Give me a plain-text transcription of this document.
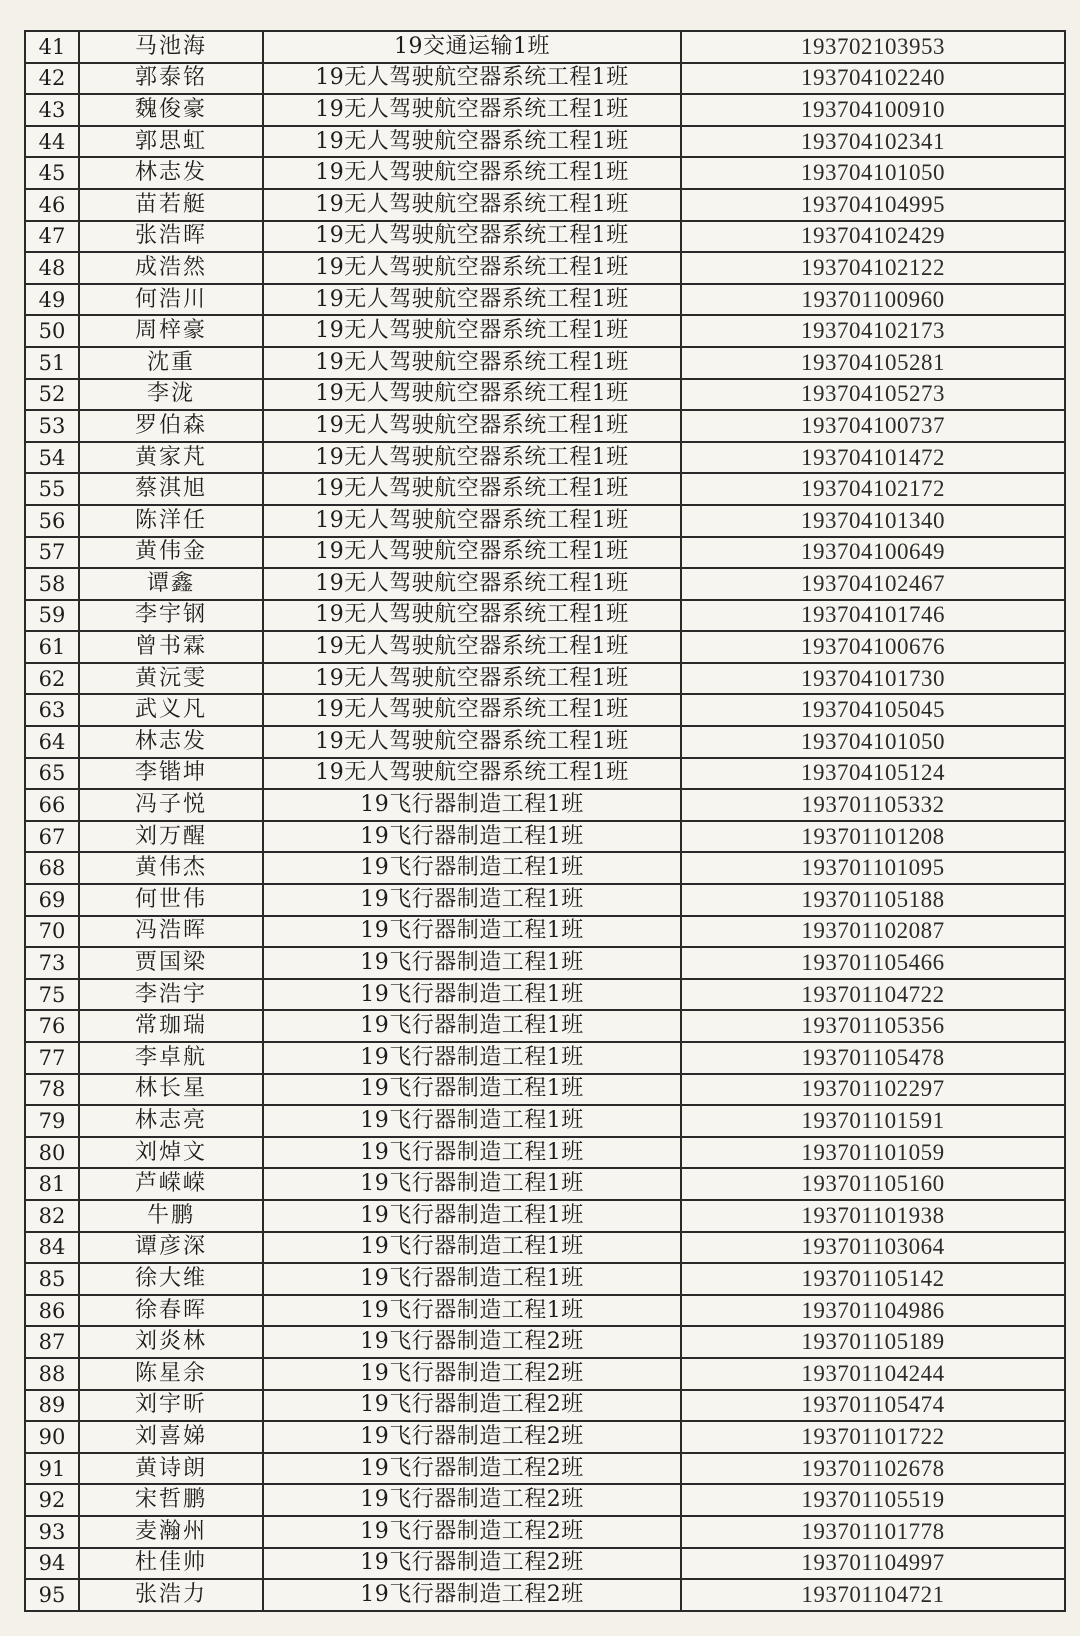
41	马池海	19交通运输1班	193702103953
42	郭泰铭	19无人驾驶航空器系统工程1班	193704102240
43	魏俊豪	19无人驾驶航空器系统工程1班	193704100910
44	郭思虹	19无人驾驶航空器系统工程1班	193704102341
45	林志发	19无人驾驶航空器系统工程1班	193704101050
46	苗若艇	19无人驾驶航空器系统工程1班	193704104995
47	张浩晖	19无人驾驶航空器系统工程1班	193704102429
48	成浩然	19无人驾驶航空器系统工程1班	193704102122
49	何浩川	19无人驾驶航空器系统工程1班	193701100960
50	周梓豪	19无人驾驶航空器系统工程1班	193704102173
51	沈重	19无人驾驶航空器系统工程1班	193704105281
52	李泷	19无人驾驶航空器系统工程1班	193704105273
53	罗伯森	19无人驾驶航空器系统工程1班	193704100737
54	黄家芃	19无人驾驶航空器系统工程1班	193704101472
55	蔡淇旭	19无人驾驶航空器系统工程1班	193704102172
56	陈洋任	19无人驾驶航空器系统工程1班	193704101340
57	黄伟金	19无人驾驶航空器系统工程1班	193704100649
58	谭鑫	19无人驾驶航空器系统工程1班	193704102467
59	李宇钢	19无人驾驶航空器系统工程1班	193704101746
61	曾书霖	19无人驾驶航空器系统工程1班	193704100676
62	黄沅雯	19无人驾驶航空器系统工程1班	193704101730
63	武义凡	19无人驾驶航空器系统工程1班	193704105045
64	林志发	19无人驾驶航空器系统工程1班	193704101050
65	李锴坤	19无人驾驶航空器系统工程1班	193704105124
66	冯子悦	19飞行器制造工程1班	193701105332
67	刘万醒	19飞行器制造工程1班	193701101208
68	黄伟杰	19飞行器制造工程1班	193701101095
69	何世伟	19飞行器制造工程1班	193701105188
70	冯浩晖	19飞行器制造工程1班	193701102087
73	贾国梁	19飞行器制造工程1班	193701105466
75	李浩宇	19飞行器制造工程1班	193701104722
76	常珈瑞	19飞行器制造工程1班	193701105356
77	李卓航	19飞行器制造工程1班	193701105478
78	林长星	19飞行器制造工程1班	193701102297
79	林志亮	19飞行器制造工程1班	193701101591
80	刘焯文	19飞行器制造工程1班	193701101059
81	芦嵘嵘	19飞行器制造工程1班	193701105160
82	牛鹏	19飞行器制造工程1班	193701101938
84	谭彦深	19飞行器制造工程1班	193701103064
85	徐大维	19飞行器制造工程1班	193701105142
86	徐春晖	19飞行器制造工程1班	193701104986
87	刘炎林	19飞行器制造工程2班	193701105189
88	陈星余	19飞行器制造工程2班	193701104244
89	刘宇昕	19飞行器制造工程2班	193701105474
90	刘喜娣	19飞行器制造工程2班	193701101722
91	黄诗朗	19飞行器制造工程2班	193701102678
92	宋哲鹏	19飞行器制造工程2班	193701105519
93	麦瀚州	19飞行器制造工程2班	193701101778
94	杜佳帅	19飞行器制造工程2班	193701104997
95	张浩力	19飞行器制造工程2班	193701104721
